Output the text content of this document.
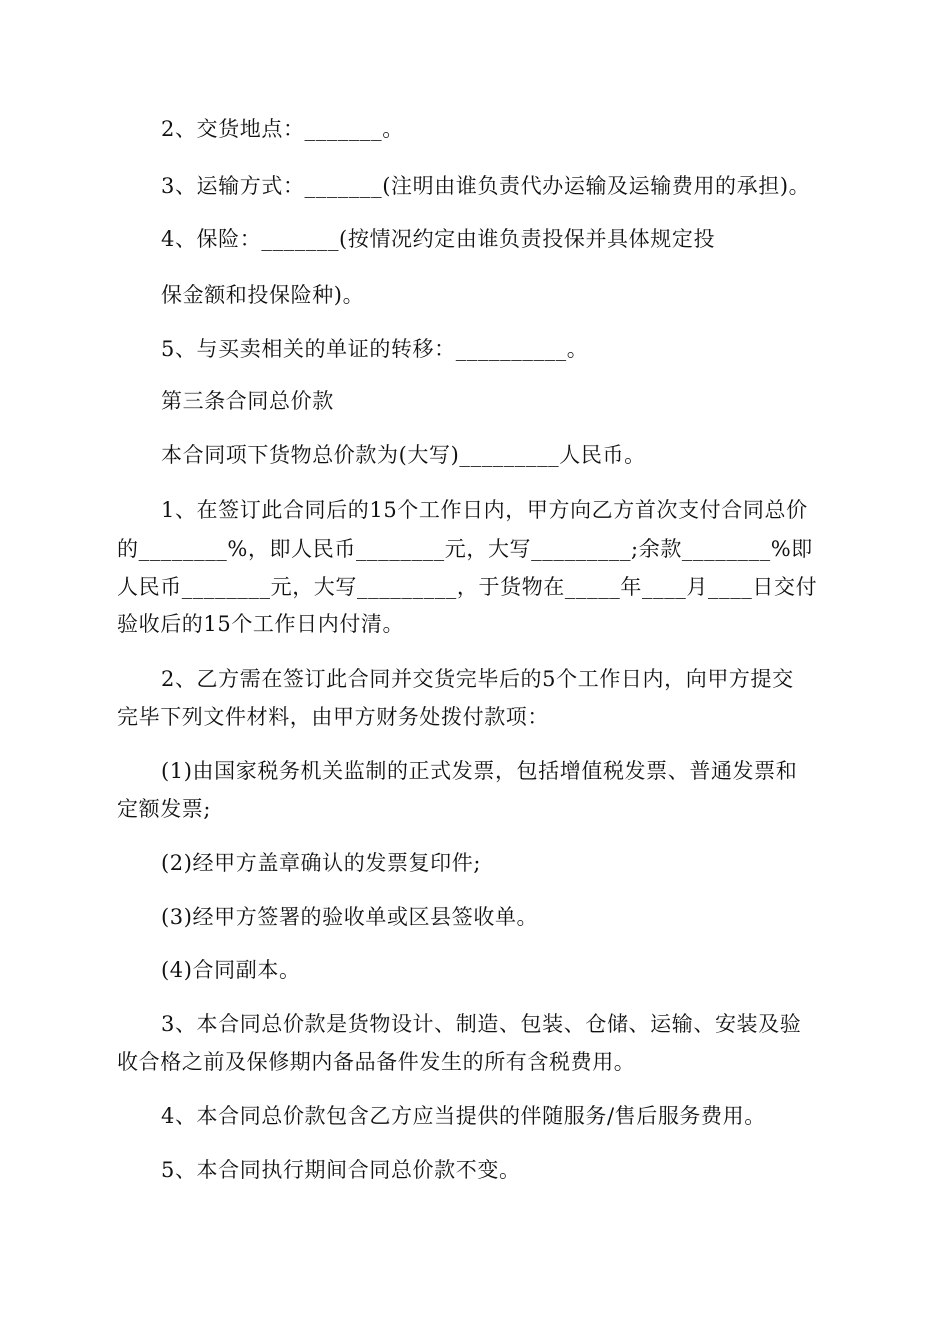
2、交货地点：_______。
3、运输方式：_______(注明由谁负责代办运输及运输费用的承担)。
4、保险：_______(按情况约定由谁负责投保并具体规定投
保金额和投保险种)。
5、与买卖相关的单证的转移：__________。
第三条合同总价款
本合同项下货物总价款为(大写)_________人民币。
1、在签订此合同后的15个工作日内，甲方向乙方首次支付合同总价
的________%，即人民币________元，大写_________;余款________%即
人民币________元，大写_________，于货物在_____年____月____日交付
验收后的15个工作日内付清。
2、乙方需在签订此合同并交货完毕后的5个工作日内，向甲方提交
完毕下列文件材料，由甲方财务处拨付款项：
(1)由国家税务机关监制的正式发票，包括增值税发票、普通发票和
定额发票;
(2)经甲方盖章确认的发票复印件;
(3)经甲方签署的验收单或区县签收单。
(4)合同副本。
3、本合同总价款是货物设计、制造、包装、仓储、运输、安装及验
收合格之前及保修期内备品备件发生的所有含税费用。
4、本合同总价款包含乙方应当提供的伴随服务/售后服务费用。
5、本合同执行期间合同总价款不变。
